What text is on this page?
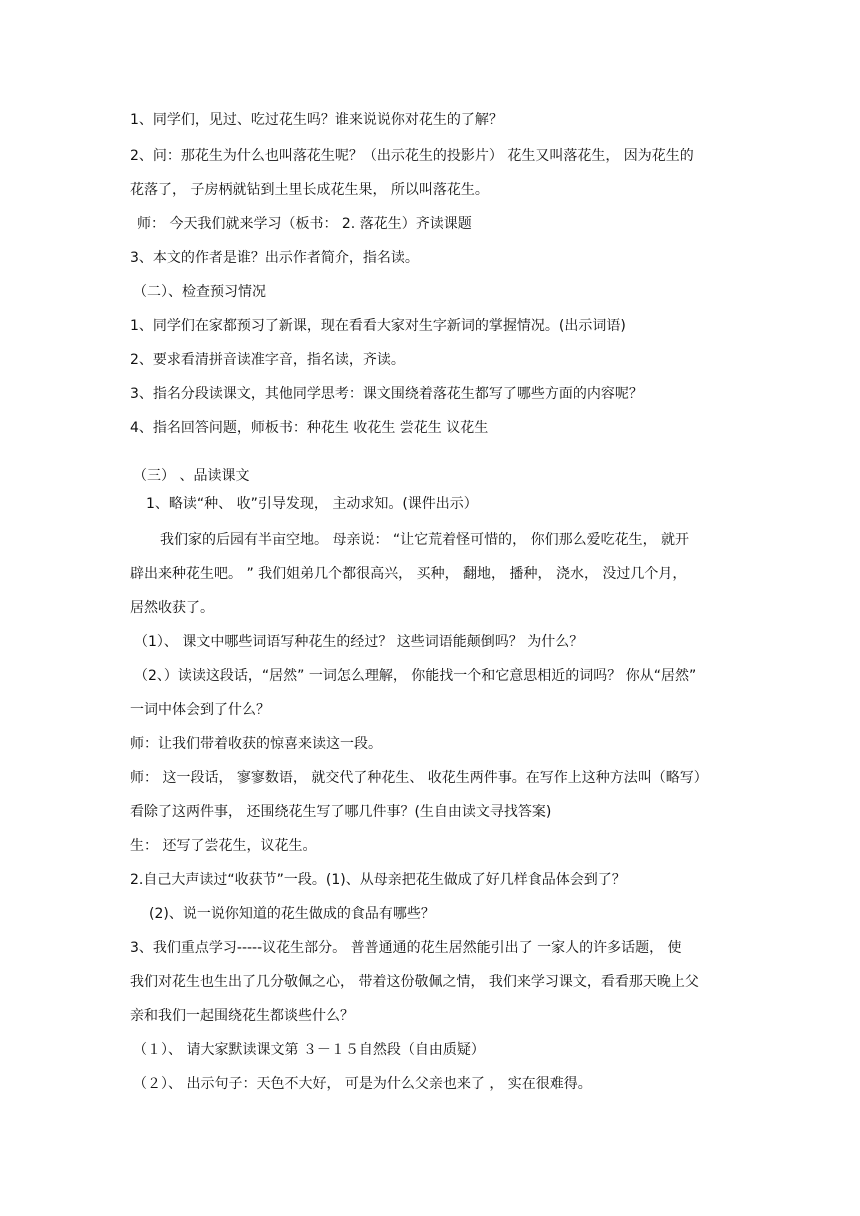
1、同学们，见过、吃过花生吗？谁来说说你对花生的了解？
2、问：那花生为什么也叫落花生呢？（出示花生的投影片） 花生又叫落花生， 因为花生的
花落了， 子房柄就钻到土里长成花生果， 所以叫落花生。
师： 今天我们就来学习（板书： 2. 落花生）齐读课题
3、本文的作者是谁？出示作者简介，指名读。
（二）、检查预习情况
1、同学们在家都预习了新课，现在看看大家对生字新词的掌握情况。(出示词语)
2、要求看清拼音读准字音，指名读，齐读。
3、指名分段读课文，其他同学思考：课文围绕着落花生都写了哪些方面的内容呢？
4、指名回答问题，师板书：种花生 收花生 尝花生 议花生
（三） 、品读课文
1、略读“种、 收”引导发现， 主动求知。(课件出示）
我们家的后园有半亩空地。 母亲说： “让它荒着怪可惜的， 你们那么爱吃花生， 就开
辟出来种花生吧。 ” 我们姐弟几个都很高兴， 买种， 翻地， 播种， 浇水， 没过几个月，
居然收获了。
（1）、 课文中哪些词语写种花生的经过？ 这些词语能颠倒吗？ 为什么？
（2、）读读这段话，“居然” 一词怎么理解， 你能找一个和它意思相近的词吗？ 你从“居然”
一词中体会到了什么？
师：让我们带着收获的惊喜来读这一段。
师： 这一段话， 寥寥数语， 就交代了种花生、 收花生两件事。在写作上这种方法叫（略写）
看除了这两件事， 还围绕花生写了哪几件事？(生自由读文寻找答案)
生： 还写了尝花生，议花生。
2.自己大声读过“收获节”一段。(1)、从母亲把花生做成了好几样食品体会到了？
(2)、说一说你知道的花生做成的食品有哪些？
3、我们重点学习-----议花生部分。 普普通通的花生居然能引出了 一家人的许多话题， 使
我们对花生也生出了几分敬佩之心， 带着这份敬佩之情， 我们来学习课文，看看那天晚上父
亲和我们一起围绕花生都谈些什么？
（１）、 请大家默读课文第 ３－１５自然段（自由质疑）
（２）、 出示句子：天色不大好， 可是为什么父亲也来了 ， 实在很难得。
